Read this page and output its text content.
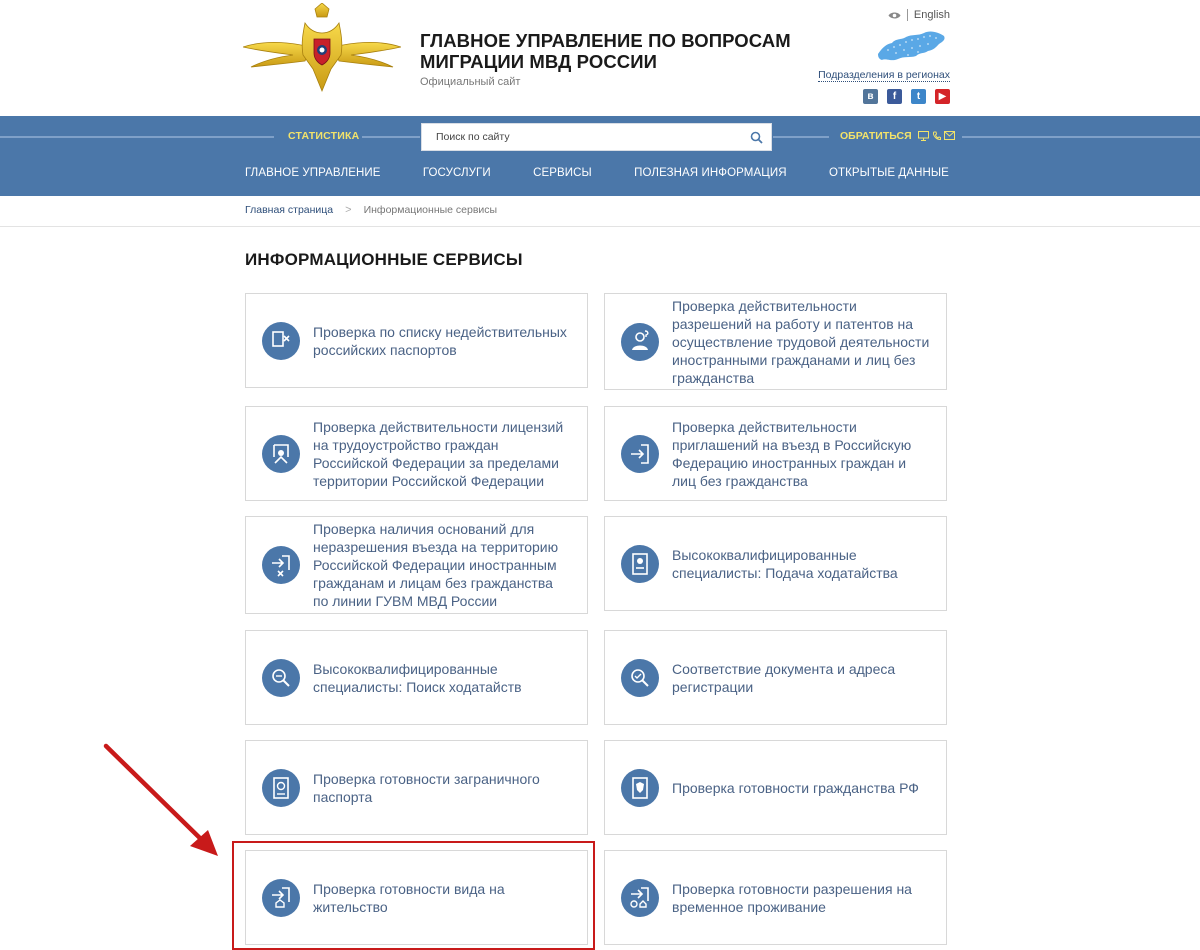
ГЛАВНОЕ УПРАВЛЕНИЕ ПО ВОПРОСАМ
МИГРАЦИИ МВД РОССИИ
Официальный сайт
English
Подразделения в регионах
в	f	t	▶
СТАТИСТИКА
Поиск по сайту	ОБРАТИТЬСЯ
ГЛАВНОЕ УПРАВЛЕНИЕ	ГОСУСЛУГИ	СЕРВИСЫ	ПОЛЕЗНАЯ ИНФОРМАЦИЯ	ОТКРЫТЫЕ ДАННЫЕ
Главная страница > Информационные сервисы
ИНФОРМАЦИОННЫЕ СЕРВИСЫ
Проверка по списку недействительных
российских паспортов
Проверка действительности
разрешений на работу и патентов на
осуществление трудовой деятельности
иностранными гражданами и лиц без
гражданства
Проверка действительности лицензий
на трудоустройство граждан
Российской Федерации за пределами
территории Российской Федерации
Проверка действительности
приглашений на въезд в Российскую
Федерацию иностранных граждан и
лиц без гражданства
Проверка наличия оснований для
неразрешения въезда на территорию
Российской Федерации иностранным
гражданам и лицам без гражданства
по линии ГУВМ МВД России
Высококвалифицированные
специалисты: Подача ходатайства
Высококвалифицированные
специалисты: Поиск ходатайств
Соответствие документа и адреса
регистрации
Проверка готовности заграничного
паспорта
Проверка готовности гражданства РФ
Проверка готовности вида на
жительство
Проверка готовности разрешения на
временное проживание
